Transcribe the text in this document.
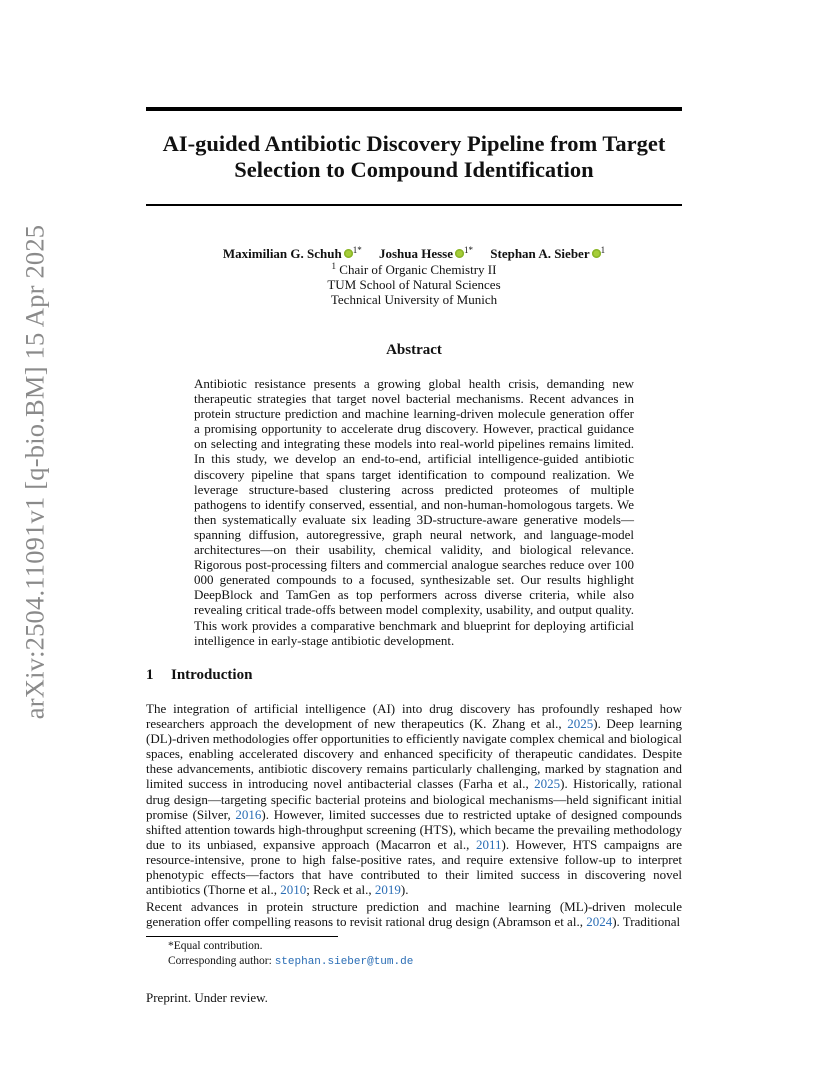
arXiv:2504.11091v1 [q-bio.BM] 15 Apr 2025
AI-guided Antibiotic Discovery Pipeline from Target Selection to Compound Identification
Maximilian G. Schuh $^{1*}$ Joshua Hesse $^{1*}$ Stephan A. Sieber $^1$
$^1$ Chair of Organic Chemistry II
TUM School of Natural Sciences
Technical University of Munich
Abstract
Antibiotic resistance presents a growing global health crisis, demanding new therapeutic strategies that target novel bacterial mechanisms. Recent advances in protein structure prediction and machine learning-driven molecule generation offer a promising opportunity to accelerate drug discovery. However, practical guidance on selecting and integrating these models into real-world pipelines remains limited. In this study, we develop an end-to-end, artificial intelligence-guided antibiotic discovery pipeline that spans target identification to compound realization. We leverage structure-based clustering across predicted proteomes of multiple pathogens to identify conserved, essential, and non-human-homologous targets. We then systematically evaluate six leading 3D-structure-aware generative models—spanning diffusion, autoregressive, graph neural network, and language-model architectures—on their usability, chemical validity, and biological relevance. Rigorous post-processing filters and commercial analogue searches reduce over 100 000 generated compounds to a focused, synthesizable set. Our results highlight DeepBlock and TamGen as top performers across diverse criteria, while also revealing critical trade-offs between model complexity, usability, and output quality. This work provides a comparative benchmark and blueprint for deploying artificial intelligence in early-stage antibiotic development.
1 Introduction
The integration of artificial intelligence (AI) into drug discovery has profoundly reshaped how researchers approach the development of new therapeutics (K. Zhang et al., 2025). Deep learning (DL)-driven methodologies offer opportunities to efficiently navigate complex chemical and biological spaces, enabling accelerated discovery and enhanced specificity of therapeutic candidates. Despite these advancements, antibiotic discovery remains particularly challenging, marked by stagnation and limited success in introducing novel antibacterial classes (Farha et al., 2025). Historically, rational drug design—targeting specific bacterial proteins and biological mechanisms—held significant initial promise (Silver, 2016). However, limited successes due to restricted uptake of designed compounds shifted attention towards high-throughput screening (HTS), which became the prevailing methodology due to its unbiased, expansive approach (Macarron et al., 2011). However, HTS campaigns are resource-intensive, prone to high false-positive rates, and require extensive follow-up to interpret phenotypic effects—factors that have contributed to their limited success in discovering novel antibiotics (Thorne et al., 2010; Reck et al., 2019).
Recent advances in protein structure prediction and machine learning (ML)-driven molecule generation offer compelling reasons to revisit rational drug design (Abramson et al., 2024). Traditional
*Equal contribution.
Corresponding author: stephan.sieber@tum.de
Preprint. Under review.
